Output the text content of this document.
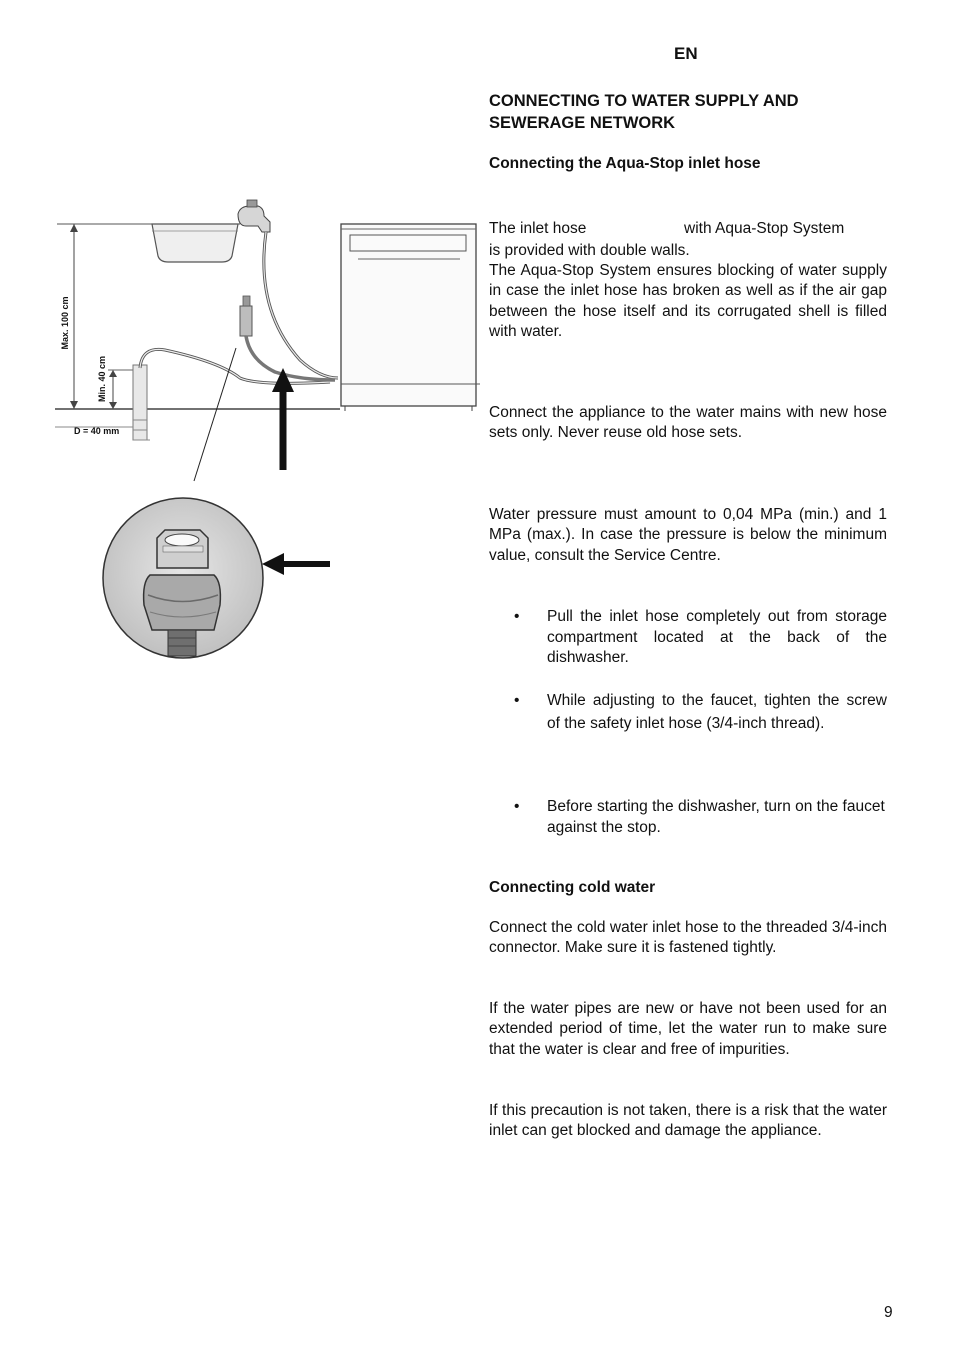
Max. 100 cm
Min. 40 cm
D = 40 mm
EN
CONNECTING TO WATER SUPPLY AND SEWERAGE NETWORK
Connecting the Aqua-Stop inlet hose
The inlet hose	with Aqua-Stop System
is provided with double walls.
The Aqua-Stop System ensures blocking of water supply in case the inlet hose has broken as well as if the air gap between the hose itself and its corrugated shell is filled with water.
Connect the appliance to the water mains with new hose sets only. Never reuse old hose sets.
Water pressure must amount to 0,04 MPa (min.) and 1 MPa (max.). In case the pressure is below the minimum value, consult the Service Centre.
• Pull the inlet hose completely out from storage compartment located at the back of the dishwasher.
• While adjusting to the faucet, tighten the screw    of the safety inlet hose (3/4-inch thread).
• Before starting the dishwasher, turn on the faucet against the stop.
Connecting cold water
Connect the cold water inlet hose to the threaded 3/4-inch connector. Make sure it is fastened tightly.
If the water pipes are new or have not been used for an extended period of time, let the water run to make sure that the water is clear and free of impurities.
If this precaution is not taken, there is a risk that the water inlet can get blocked and damage the appliance.
9
